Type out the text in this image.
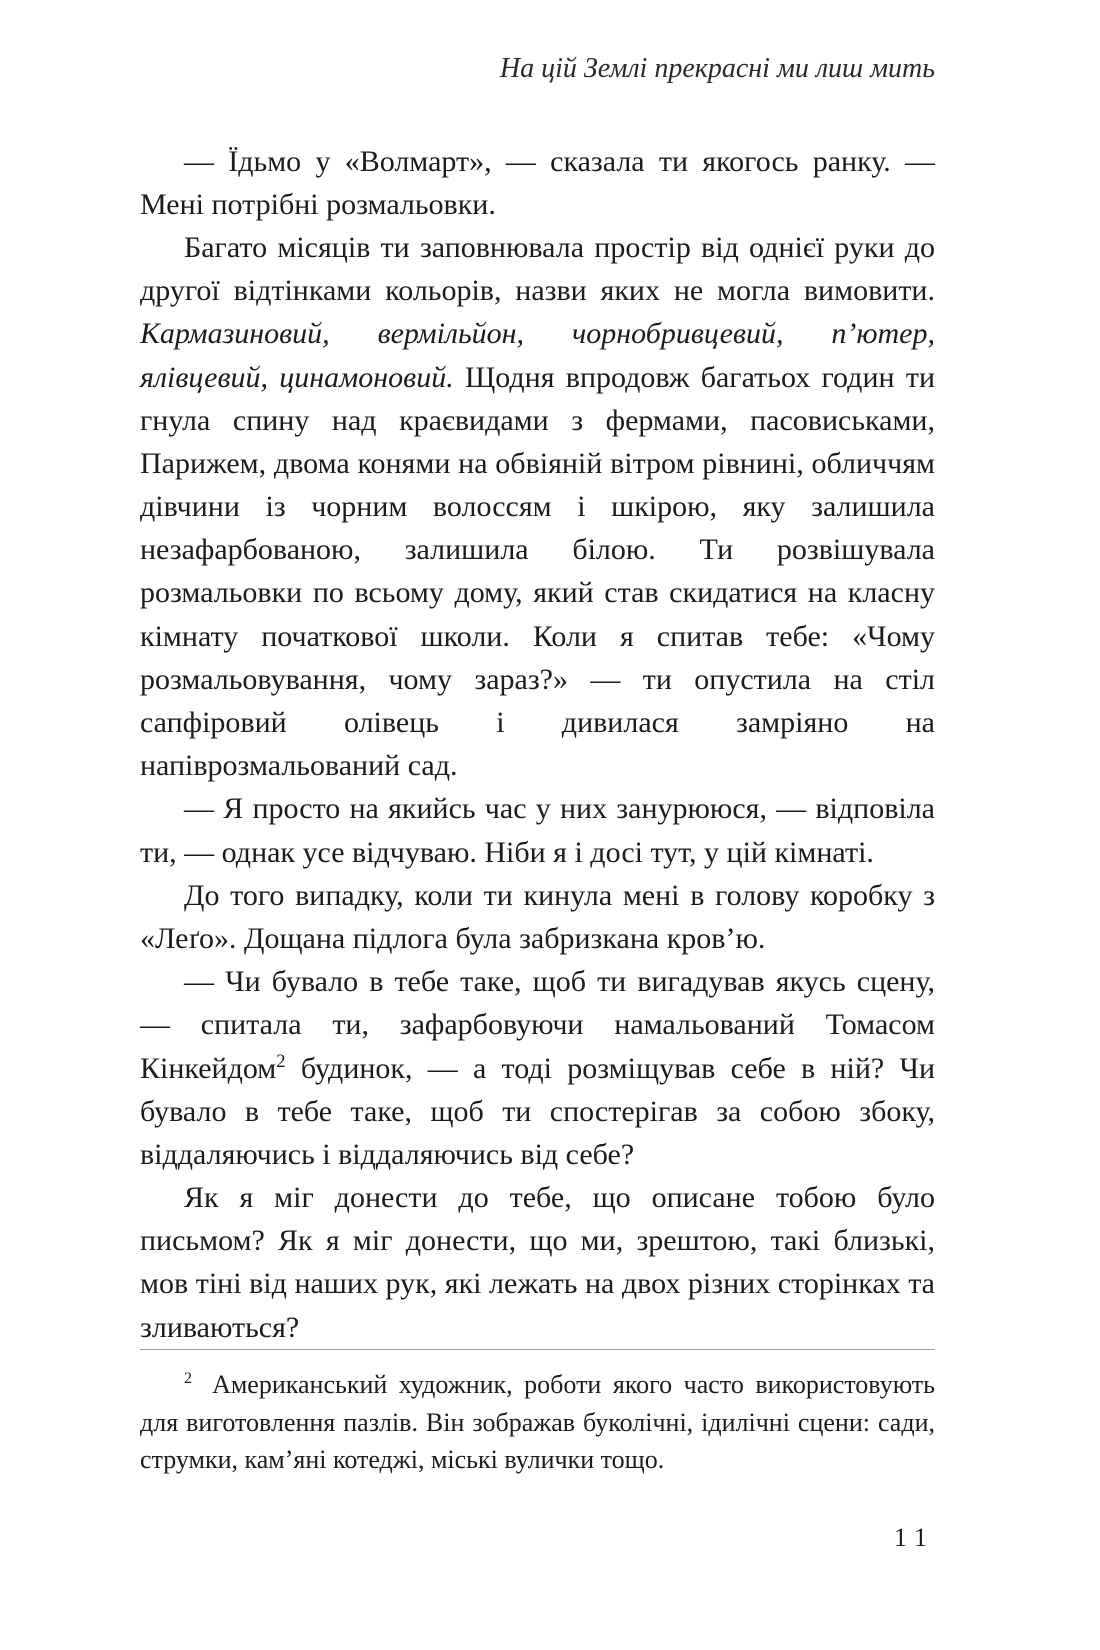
На цій Землі прекрасні ми лиш мить

— Їдьмо у «Волмарт», — сказала ти якогось ранку. — Мені потрібні розмальовки.

Багато місяців ти заповнювала простір від однієї руки до другої відтінками кольорів, назви яких не могла вимовити. Кармазиновий, вермільйон, чорнобривцевий, п’ютер, ялівцевий, цинамоновий. Щодня впродовж багатьох годин ти гнула спину над краєвидами з фермами, пасовиськами, Парижем, двома конями на обвіяній вітром рівнині, обличчям дівчини із чорним волоссям і шкірою, яку залишила незафарбованою, залишила білою. Ти розвішувала розмальовки по всьому дому, який став скидатися на класну кімнату початкової школи. Коли я спитав тебе: «Чому розмальовування, чому зараз?» — ти опустила на стіл сапфіровий олівець і дивилася замріяно на напіврозмальований сад.

— Я просто на якийсь час у них занурююся, — відповіла ти, — однак усе відчуваю. Ніби я і досі тут, у цій кімнаті.

До того випадку, коли ти кинула мені в голову коробку з «Леґо». Дощана підлога була забризкана кров’ю.

— Чи бувало в тебе таке, щоб ти вигадував якусь сцену, — спитала ти, зафарбовуючи намальований Томасом Кінкейдом$^2$ будинок, — а тоді розміщував себе в ній? Чи бувало в тебе таке, щоб ти спостерігав за собою збоку, віддаляючись і віддаляючись від себе?

Як я міг донести до тебе, що описане тобою було письмом? Як я міг донести, що ми, зрештою, такі близькі, мов тіні від наших рук, які лежать на двох різних сторінках та зливаються?

$^2$ Американський художник, роботи якого часто використовують для виготовлення пазлів. Він зображав буколічні, ідилічні сцени: сади, струмки, кам’яні котеджі, міські вулички тощо.

11
